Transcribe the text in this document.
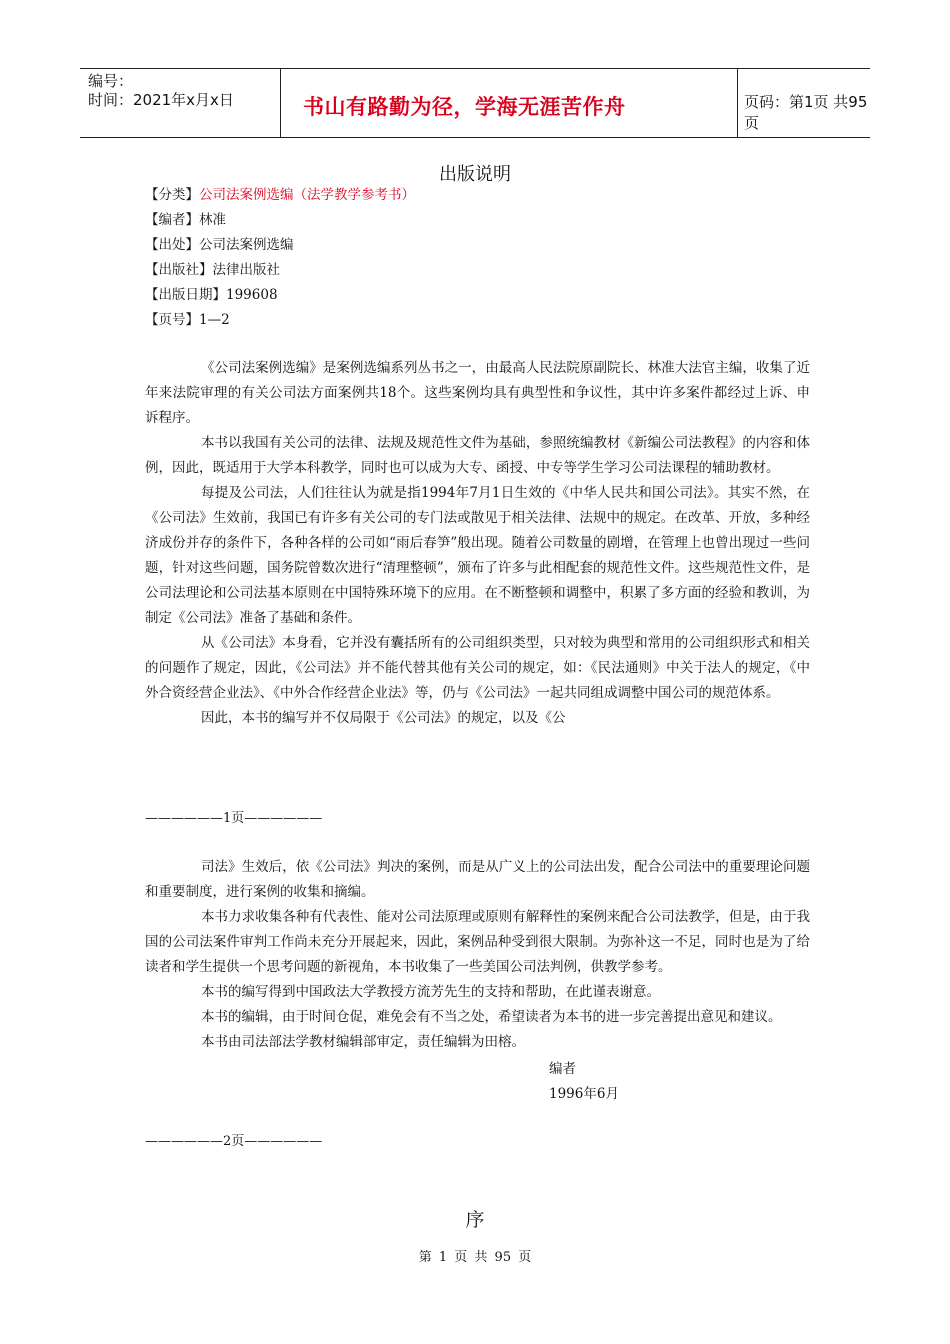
编号：
时间：2021年x月x日	书山有路勤为径，学海无涯苦作舟	页码：第1页 共95页
出版说明
【分类】公司法案例选编（法学教学参考书）
【编者】林准
【出处】公司法案例选编
【出版社】法律出版社
【出版日期】199608
【页号】1—2

《公司法案例选编》是案例选编系列丛书之一，由最高人民法院原副院长、林准大法官主编，收集了近年来法院审理的有关公司法方面案例共18个。这些案例均具有典型性和争议性，其中许多案件都经过上诉、申诉程序。

本书以我国有关公司的法律、法规及规范性文件为基础，参照统编教材《新编公司法教程》的内容和体例，因此，既适用于大学本科教学，同时也可以成为大专、函授、中专等学生学习公司法课程的辅助教材。

每提及公司法，人们往往认为就是指1994年7月1日生效的《中华人民共和国公司法》。其实不然，在《公司法》生效前，我国已有许多有关公司的专门法或散见于相关法律、法规中的规定。在改革、开放，多种经济成份并存的条件下，各种各样的公司如“雨后春笋”般出现。随着公司数量的剧增，在管理上也曾出现过一些问题，针对这些问题，国务院曾数次进行“清理整顿”，颁布了许多与此相配套的规范性文件。这些规范性文件，是公司法理论和公司法基本原则在中国特殊环境下的应用。在不断整顿和调整中，积累了多方面的经验和教训，为制定《公司法》准备了基础和条件。

从《公司法》本身看，它并没有囊括所有的公司组织类型，只对较为典型和常用的公司组织形式和相关的问题作了规定，因此，《公司法》并不能代替其他有关公司的规定，如：《民法通则》中关于法人的规定，《中外合资经营企业法》、《中外合作经营企业法》等，仍与《公司法》一起共同组成调整中国公司的规范体系。

因此，本书的编写并不仅局限于《公司法》的规定，以及《公

——————1页——————

司法》生效后，依《公司法》判决的案例，而是从广义上的公司法出发，配合公司法中的重要理论问题和重要制度，进行案例的收集和摘编。

本书力求收集各种有代表性、能对公司法原理或原则有解释性的案例来配合公司法教学，但是，由于我国的公司法案件审判工作尚未充分开展起来，因此，案例品种受到很大限制。为弥补这一不足，同时也是为了给读者和学生提供一个思考问题的新视角，本书收集了一些美国公司法判例，供教学参考。

本书的编写得到中国政法大学教授方流芳先生的支持和帮助，在此谨表谢意。

本书的编辑，由于时间仓促，难免会有不当之处，希望读者为本书的进一步完善提出意见和建议。

本书由司法部法学教材编辑部审定，责任编辑为田榕。

编者
1996年6月
——————2页——————
序
第 1 页 共 95 页
